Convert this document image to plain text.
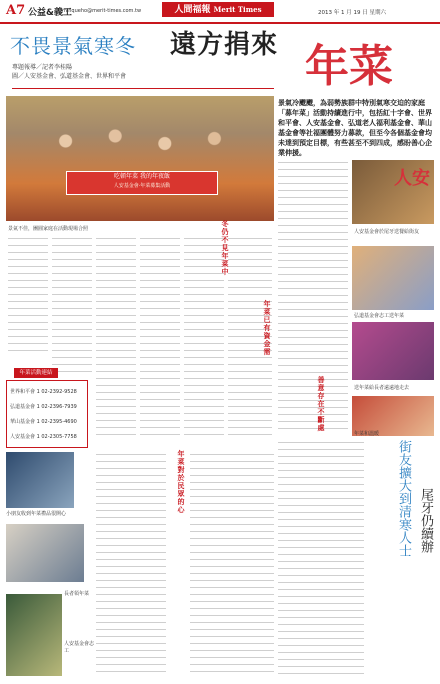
A7 公益&義工
minqueho@merit-times.com.tw	人間福報 Merit Times	2013 年 1 月 19 日 星期六
不畏景氣寒冬 遠方捐來 年菜
專題報導／記者李桂陽
圖／人安基金會、弘道基金會、世界和平會
吃頓年菜 我的年夜飯
人安基金會·年菜募集活動
景氣不佳，團圓家庭在活動現場合照
景氣冷颼颼，為弱勢族群中特別氣寒交迫的家庭「募年菜」活動持續進行中，包括紅十字會、世界和平會、人安基金會、弘道老人福利基金會、華山基金會等社福團體努力募款，但至今各個基金會均未達到預定目標，有些甚至不到四成，感盼善心企業伸援。
冬仍不見年菜中
年菜已有資金需
善意存在不斷處
年菜對於民眾的心
年菜活動連結
世界和平會 1 02-2392-9528
弘道基金會 1 02-2396-7939
華山基金會 1 02-2395-4690
人安基金會 1 02-2305-7758
人安
人安基金會於尾牙送餐給街友
弘道基金會志工送年菜
送年菜給長者遠遠地走去
年菜和溫暖
小朋友收到年菜禮品很開心
長者領年菜
人安基金會志工
街友擴大到清寒人士 尾牙仍續辦
